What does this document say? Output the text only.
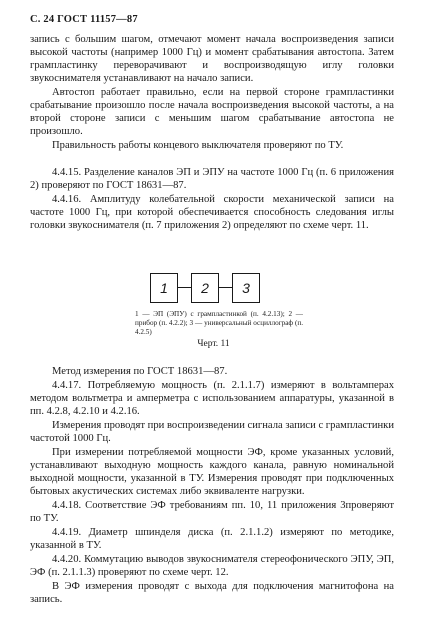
С. 24 ГОСТ 11157—87
запись с большим шагом, отмечают момент начала воспроизведения записи высокой частоты (например 1000 Гц) и момент срабатывания автостопа. Затем грампластинку переворачивают и воспроизводящую иглу головки звукоснимателя устанавливают на начало записи.
Автостоп работает правильно, если на первой стороне грампластинки срабатывание произошло после начала воспроизведения высокой частоты, а на второй стороне записи с меньшим шагом срабатывание автостопа не произошло.
Правильность работы концевого выключателя проверяют по ТУ.
4.4.15. Разделение каналов ЭП и ЭПУ на частоте 1000 Гц (п. 6 приложения 2) проверяют по ГОСТ 18631—87.
4.4.16. Амплитуду колебательной скорости механической записи на частоте 1000 Гц, при которой обеспечивается способность следования иглы головки звукоснимателя (п. 7 приложения 2) определяют по схеме черт. 11.
1	2	3
1 — ЭП (ЭПУ) с грампластинкой (п. 4.2.13); 2 — прибор (п. 4.2.2); 3 — универсальный осциллограф (п. 4.2.5)
Черт. 11
Метод измерения по ГОСТ 18631—87.
4.4.17. Потребляемую мощность (п. 2.1.1.7) измеряют в вольтамперах методом вольтметра и амперметра с использованием аппаратуры, указанной в пп. 4.2.8, 4.2.10 и 4.2.16.
Измерения проводят при воспроизведении сигнала записи с грампластинки частотой 1000 Гц.
При измерении потребляемой мощности ЭФ, кроме указанных условий, устанавливают выходную мощность каждого канала, равную номинальной выходной мощности, указанной в ТУ. Измерения проводят при подключенных бытовых акустических системах либо эквиваленте нагрузки.
4.4.18. Соответствие ЭФ требованиям пп. 10, 11 приложения 3проверяют по ТУ.
4.4.19. Диаметр шпинделя диска (п. 2.1.1.2) измеряют по методике, указанной в ТУ.
4.4.20. Коммутацию выводов звукоснимателя стереофонического ЭПУ, ЭП, ЭФ (п. 2.1.1.3) проверяют по схеме черт. 12.
В ЭФ измерения проводят с выхода для подключения магнитофона на запись.
